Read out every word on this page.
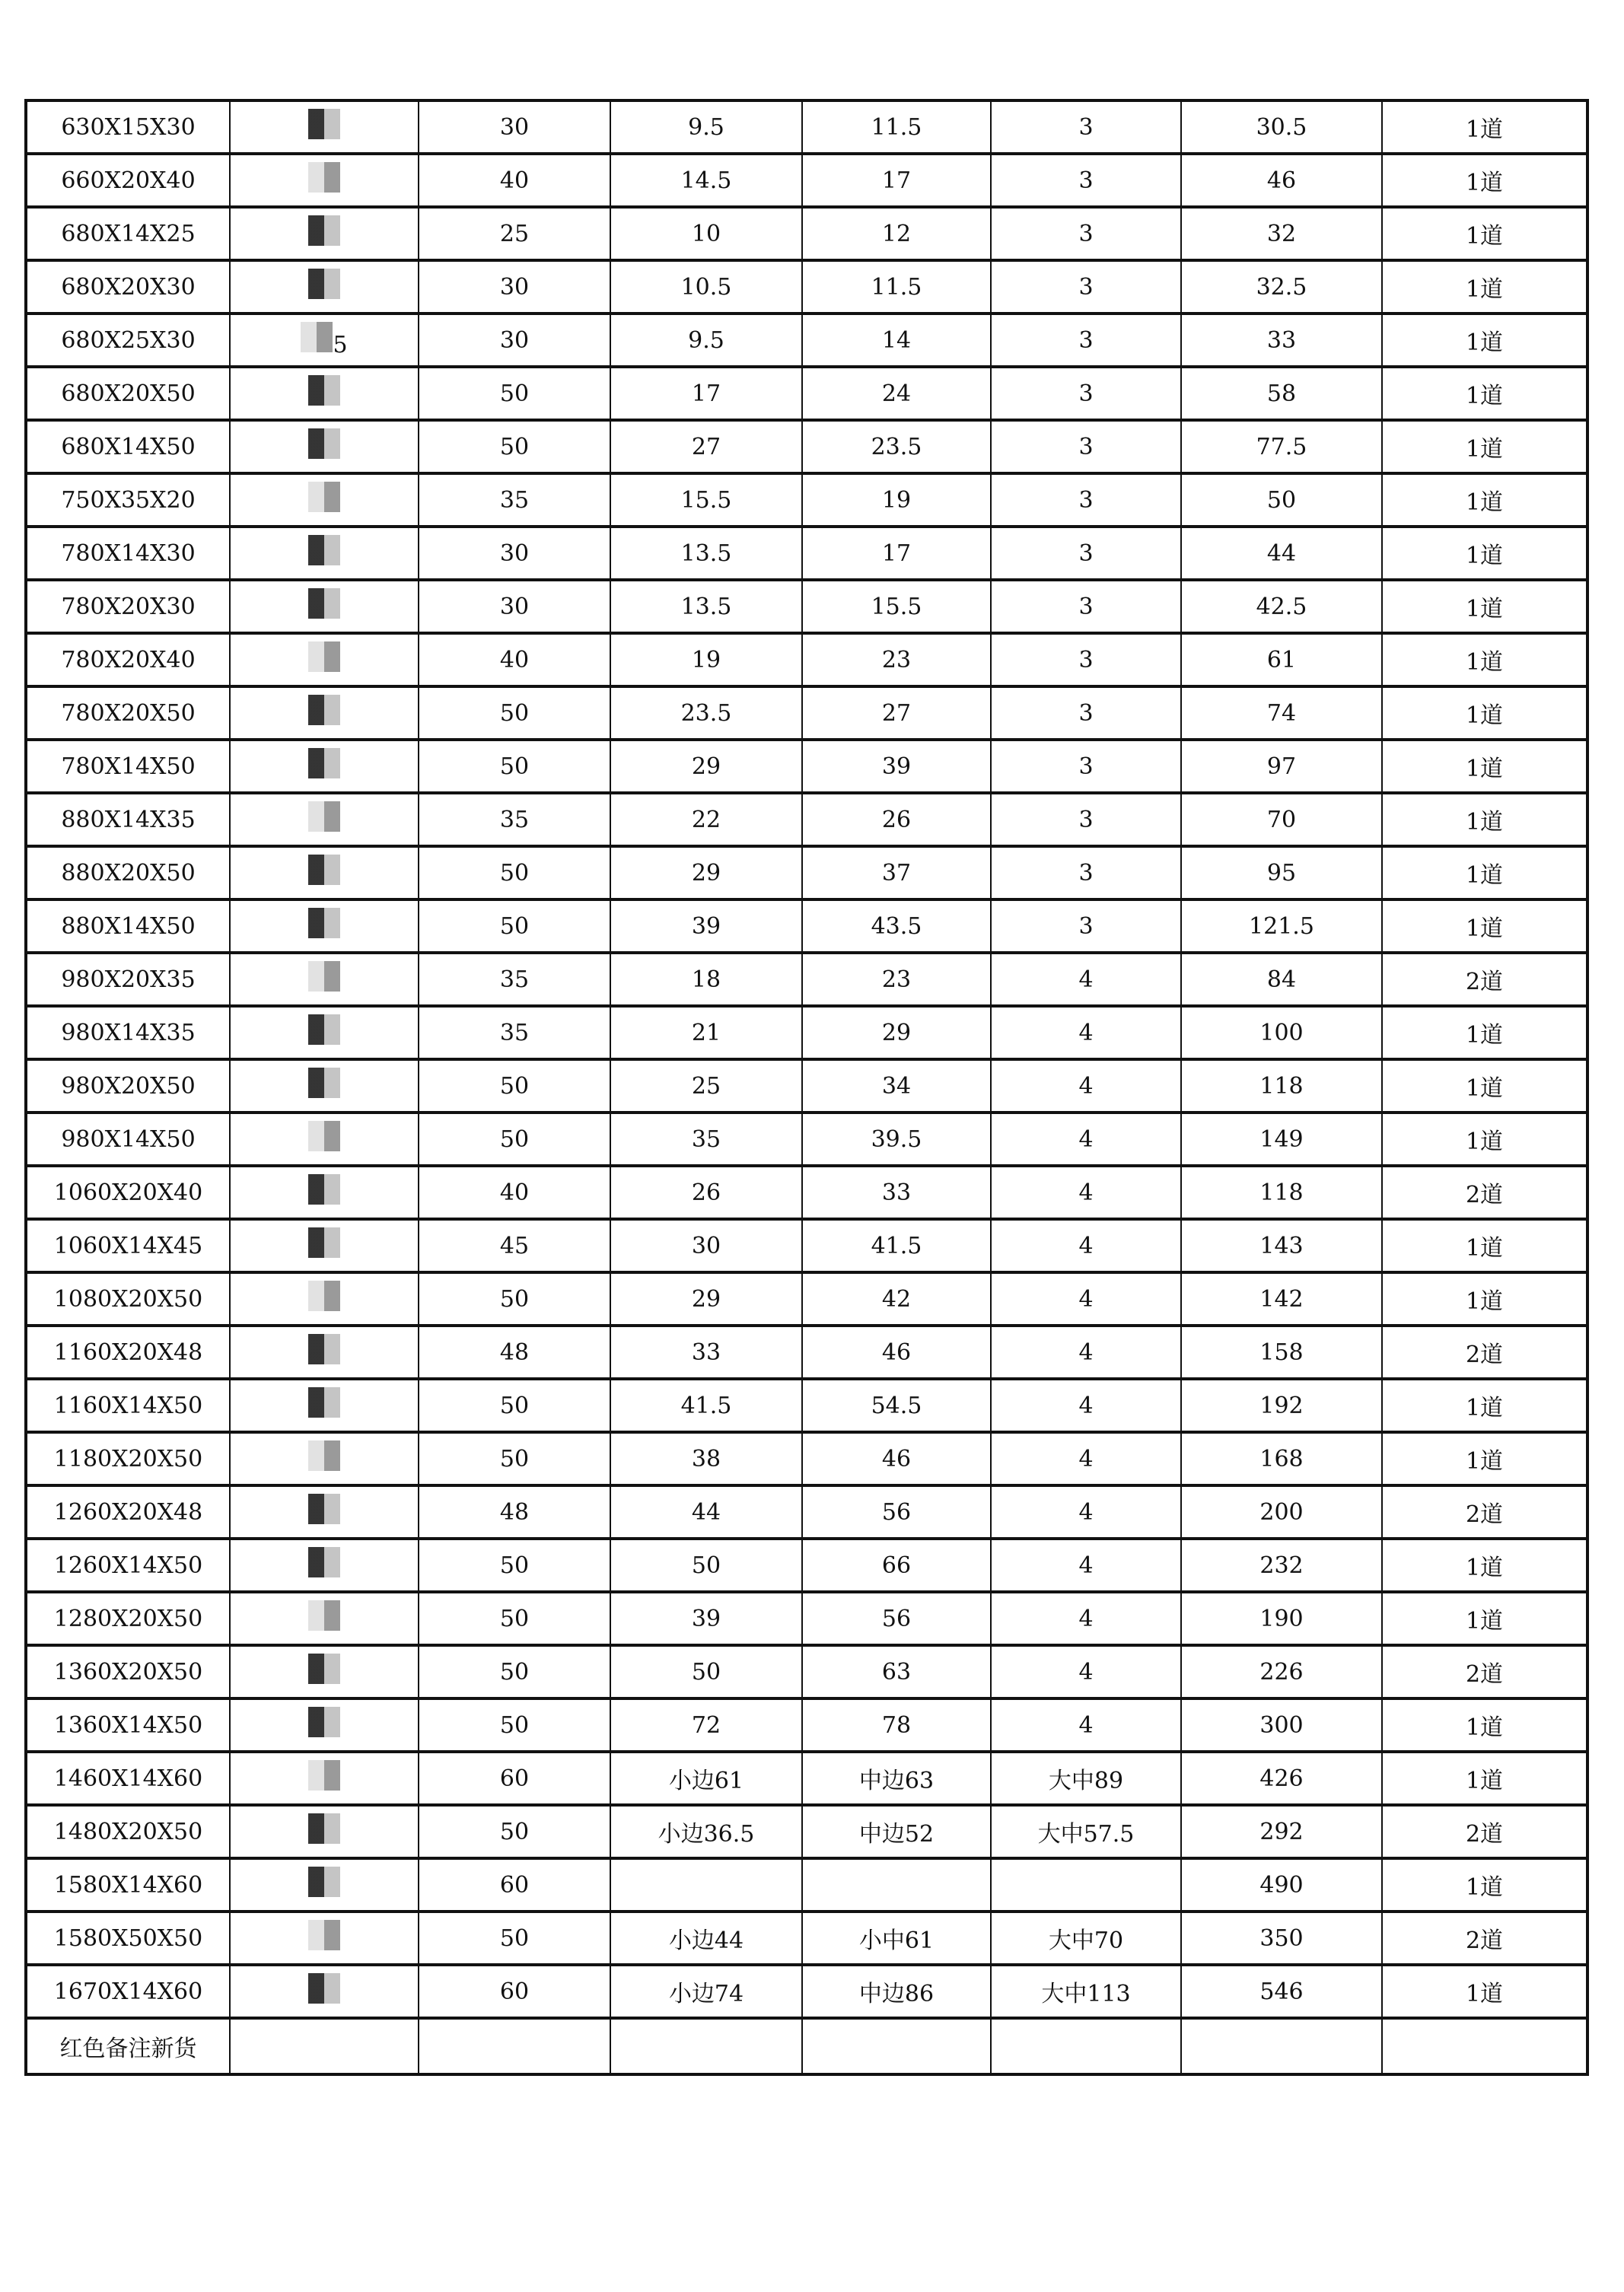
630X15X30		30	9.5	11.5	3	30.5	1道
660X20X40		40	14.5	17	3	46	1道
680X14X25		25	10	12	3	32	1道
680X20X30		30	10.5	11.5	3	32.5	1道
680X25X30	5	30	9.5	14	3	33	1道
680X20X50		50	17	24	3	58	1道
680X14X50		50	27	23.5	3	77.5	1道
750X35X20		35	15.5	19	3	50	1道
780X14X30		30	13.5	17	3	44	1道
780X20X30		30	13.5	15.5	3	42.5	1道
780X20X40		40	19	23	3	61	1道
780X20X50		50	23.5	27	3	74	1道
780X14X50		50	29	39	3	97	1道
880X14X35		35	22	26	3	70	1道
880X20X50		50	29	37	3	95	1道
880X14X50		50	39	43.5	3	121.5	1道
980X20X35		35	18	23	4	84	2道
980X14X35		35	21	29	4	100	1道
980X20X50		50	25	34	4	118	1道
980X14X50		50	35	39.5	4	149	1道
1060X20X40		40	26	33	4	118	2道
1060X14X45		45	30	41.5	4	143	1道
1080X20X50		50	29	42	4	142	1道
1160X20X48		48	33	46	4	158	2道
1160X14X50		50	41.5	54.5	4	192	1道
1180X20X50		50	38	46	4	168	1道
1260X20X48		48	44	56	4	200	2道
1260X14X50		50	50	66	4	232	1道
1280X20X50		50	39	56	4	190	1道
1360X20X50		50	50	63	4	226	2道
1360X14X50		50	72	78	4	300	1道
1460X14X60		60	小边61	中边63	大中89	426	1道
1480X20X50		50	小边36.5	中边52	大中57.5	292	2道
1580X14X60		60				490	1道
1580X50X50		50	小边44	小中61	大中70	350	2道
1670X14X60		60	小边74	中边86	大中113	546	1道
红色备注新货							
